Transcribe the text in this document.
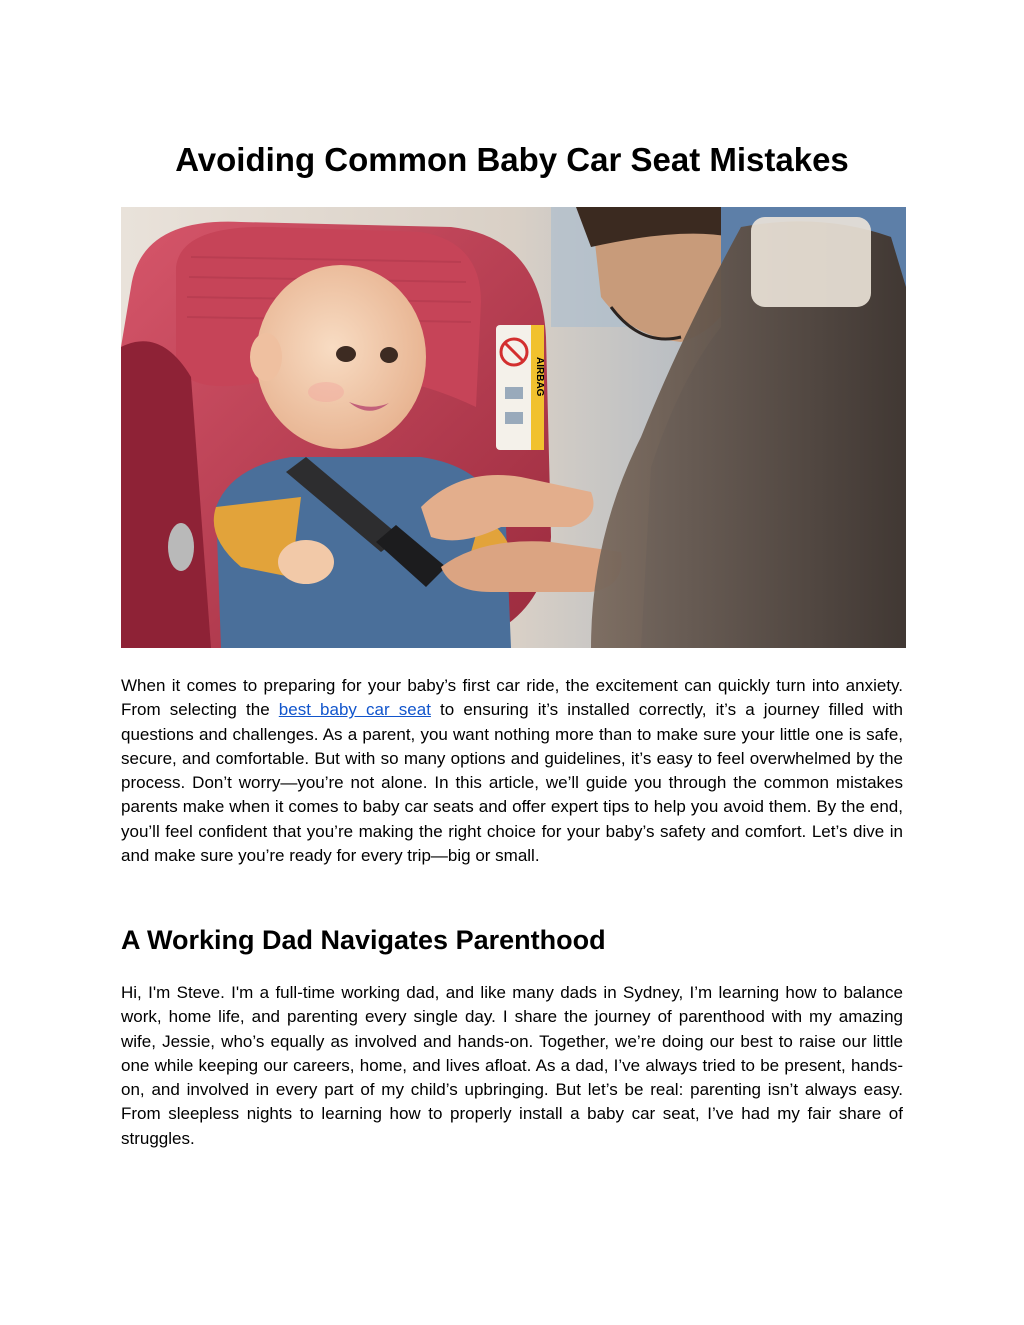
Avoiding Common Baby Car Seat Mistakes
AIRBAG

When it comes to preparing for your baby’s first car ride, the excitement can quickly turn into anxiety. From selecting the best baby car seat to ensuring it’s installed correctly, it’s a journey filled with questions and challenges. As a parent, you want nothing more than to make sure your little one is safe, secure, and comfortable. But with so many options and guidelines, it’s easy to feel overwhelmed by the process. Don’t worry—you’re not alone. In this article, we’ll guide you through the common mistakes parents make when it comes to baby car seats and offer expert tips to help you avoid them. By the end, you’ll feel confident that you’re making the right choice for your baby’s safety and comfort. Let’s dive in and make sure you’re ready for every trip—big or small.

A Working Dad Navigates Parenthood

Hi, I'm Steve. I'm a full-time working dad, and like many dads in Sydney, I’m learning how to balance work, home life, and parenting every single day. I share the journey of parenthood with my amazing wife, Jessie, who’s equally as involved and hands-on. Together, we’re doing our best to raise our little one while keeping our careers, home, and lives afloat. As a dad, I’ve always tried to be present, hands-on, and involved in every part of my child’s upbringing. But let’s be real: parenting isn’t always easy. From sleepless nights to learning how to properly install a baby car seat, I’ve had my fair share of struggles.
